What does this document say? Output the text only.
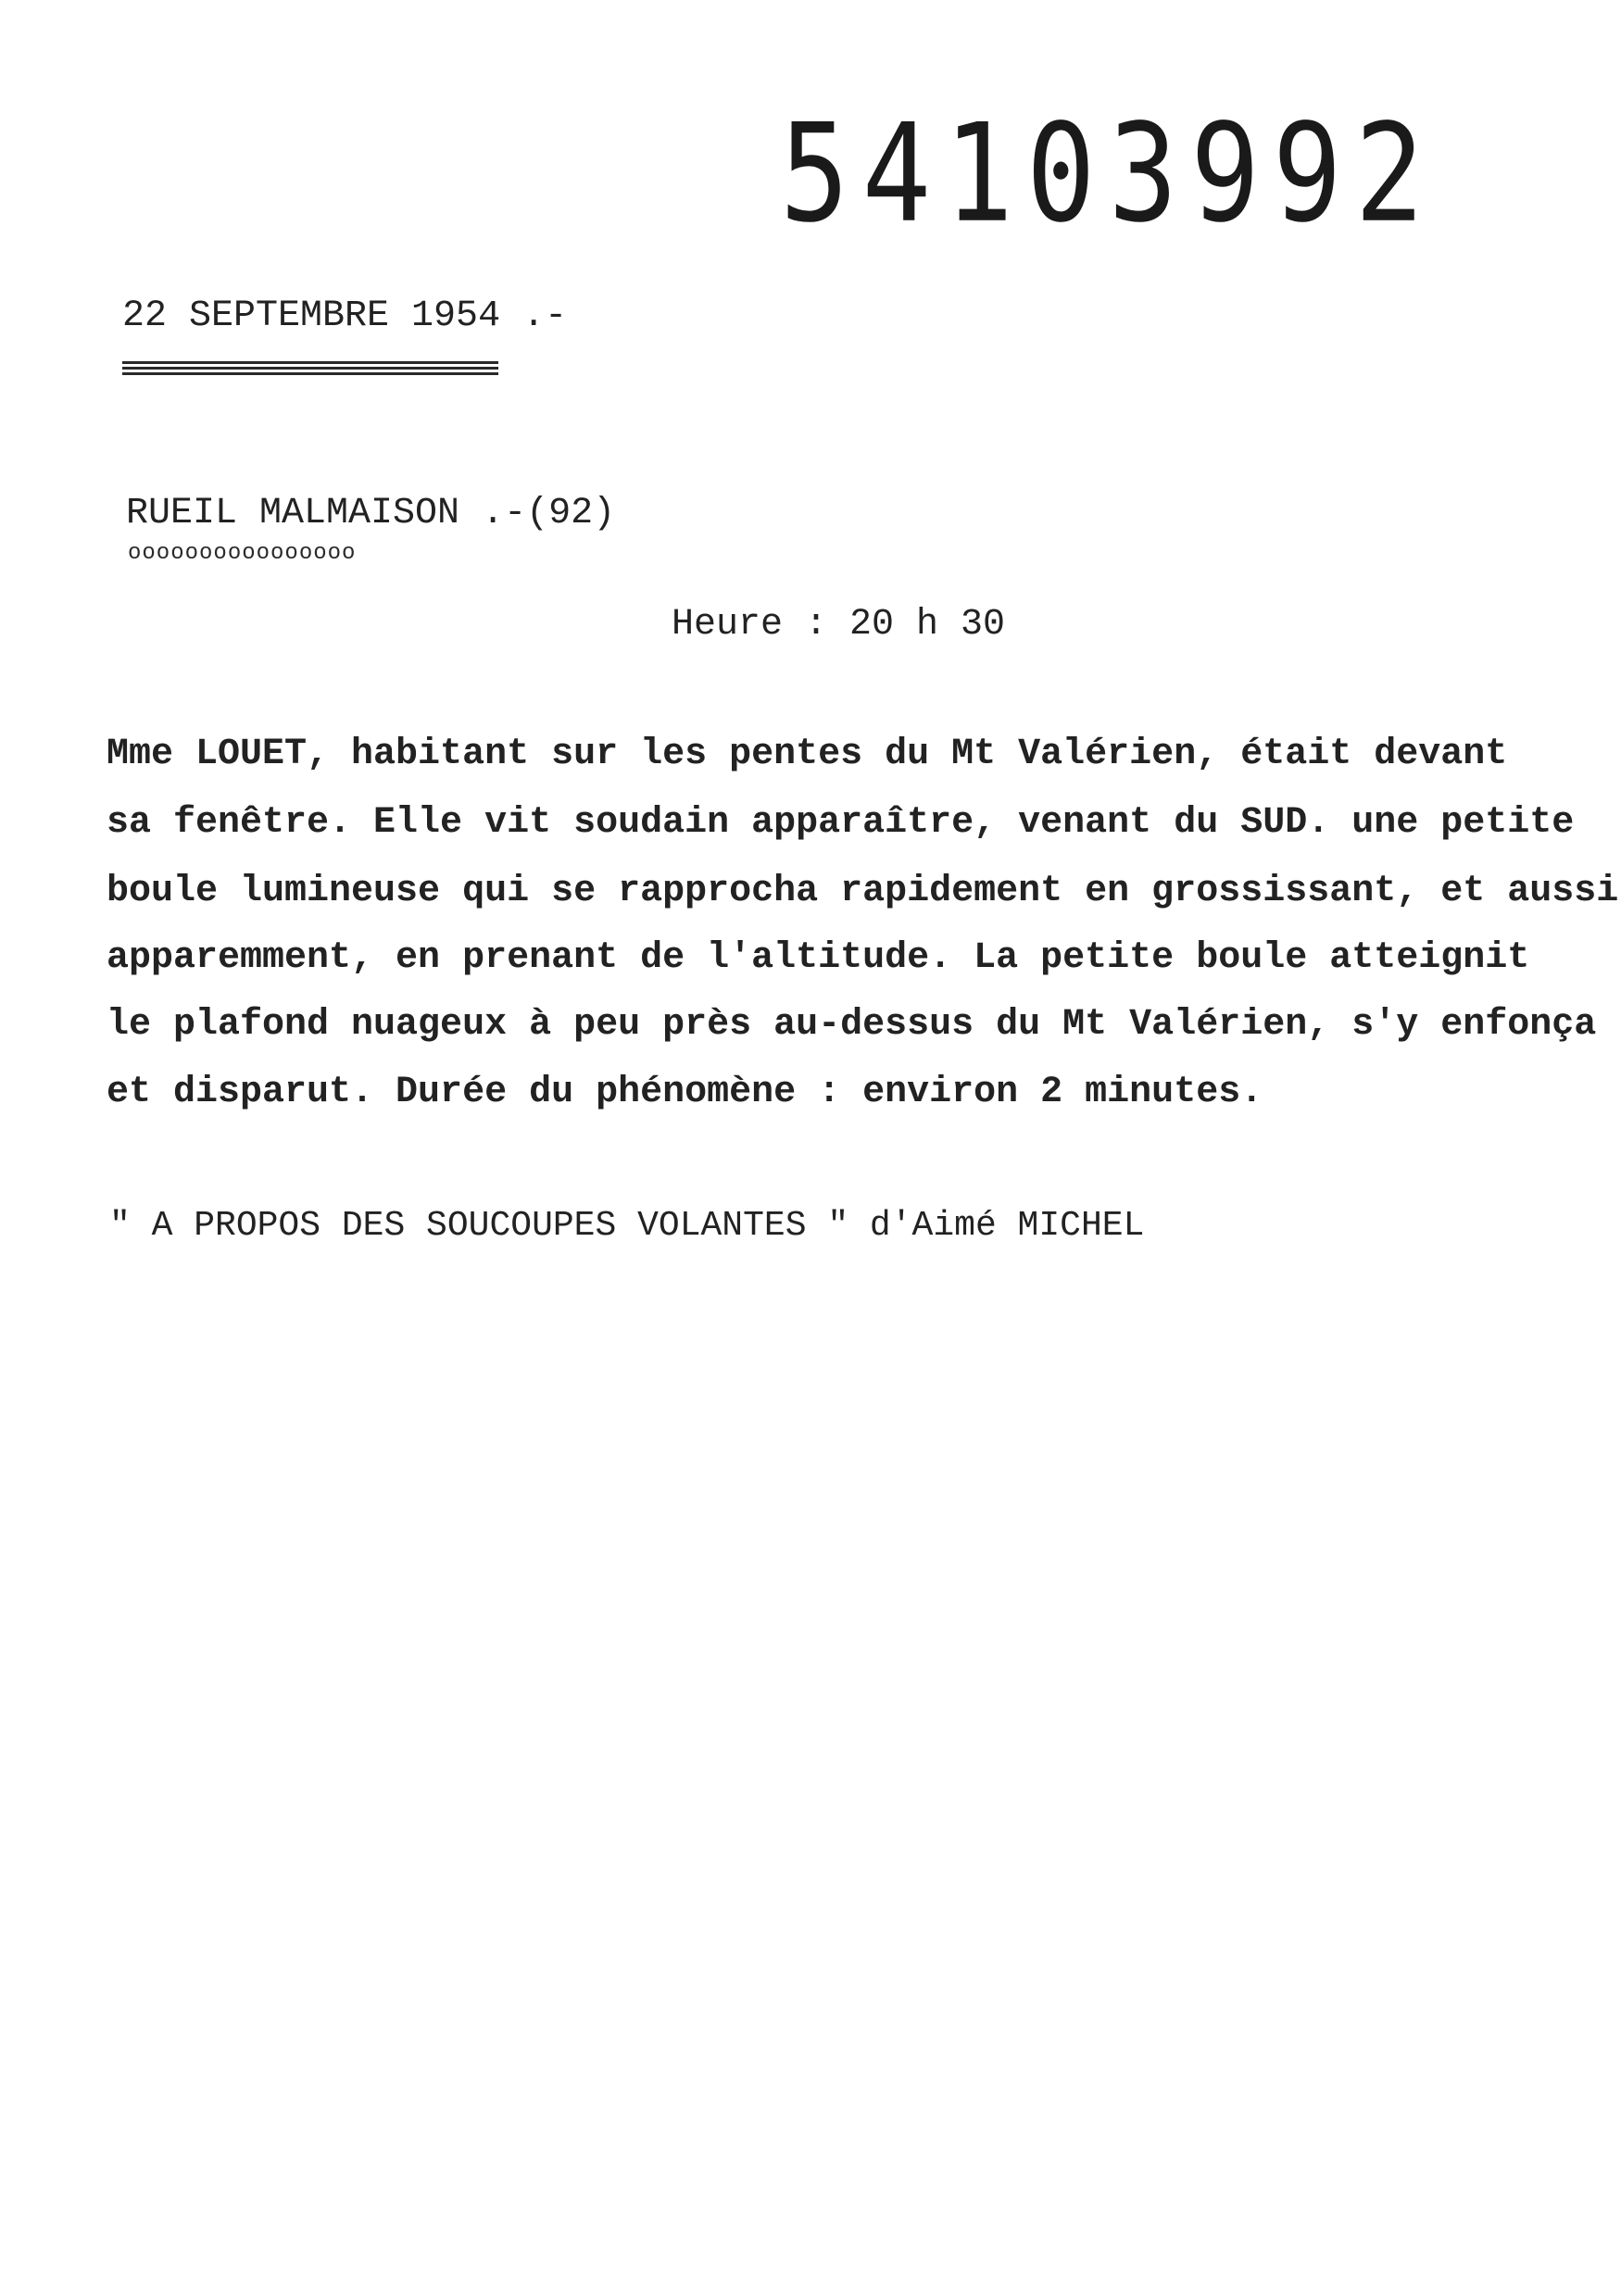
54103992
22 SEPTEMBRE 1954 .-
RUEIL MALMAISON .-(92)
oooooooooooooooo
Heure : 20 h 30
Mme LOUET, habitant sur les pentes du Mt Valérien, était devant
sa fenêtre. Elle vit soudain apparaître, venant du SUD. une petite
boule lumineuse qui se rapprocha rapidement en grossissant, et aussi
apparemment, en prenant de l'altitude. La petite boule atteignit
le plafond nuageux à peu près au-dessus du Mt Valérien, s'y enfonça
et disparut. Durée du phénomène : environ 2 minutes.
" A PROPOS DES SOUCOUPES VOLANTES " d'Aimé MICHEL
